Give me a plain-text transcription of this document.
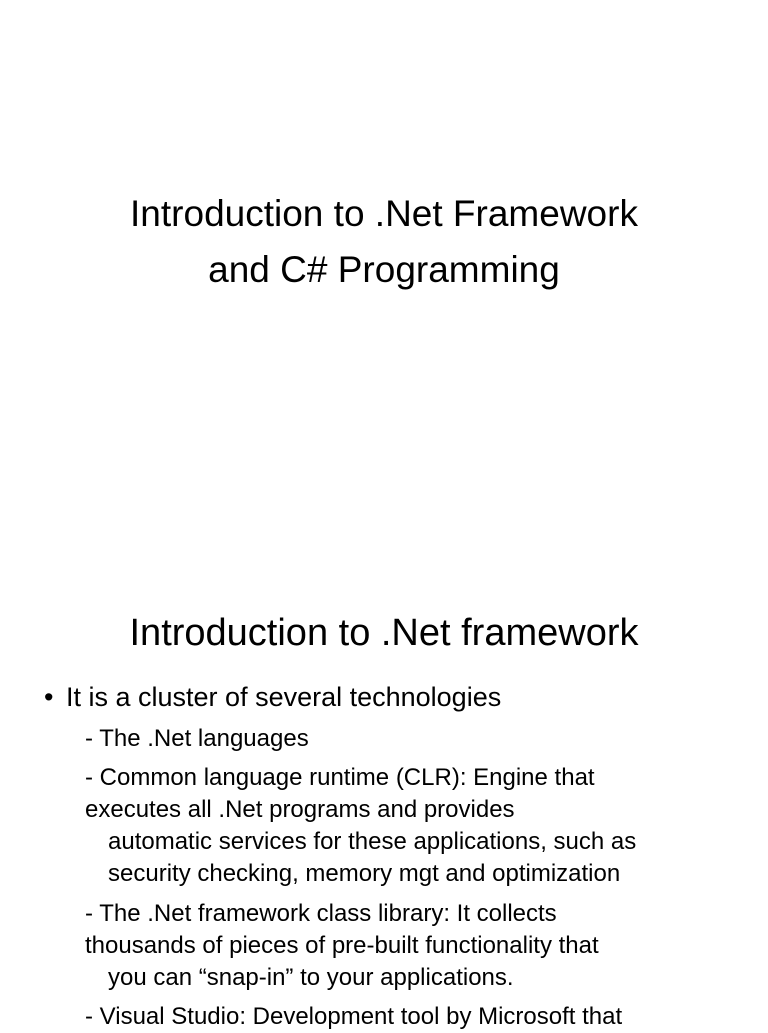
Introduction to .Net Framework
and C# Programming
Introduction to .Net framework
• It is a cluster of several technologies
- The .Net languages
- Common language runtime (CLR): Engine that
executes all .Net programs and provides
automatic services for these applications, such as
security checking, memory mgt and optimization
- The .Net framework class library: It collects
thousands of pieces of pre-built functionality that
you can “snap-in” to your applications.
- Visual Studio: Development tool by Microsoft that
